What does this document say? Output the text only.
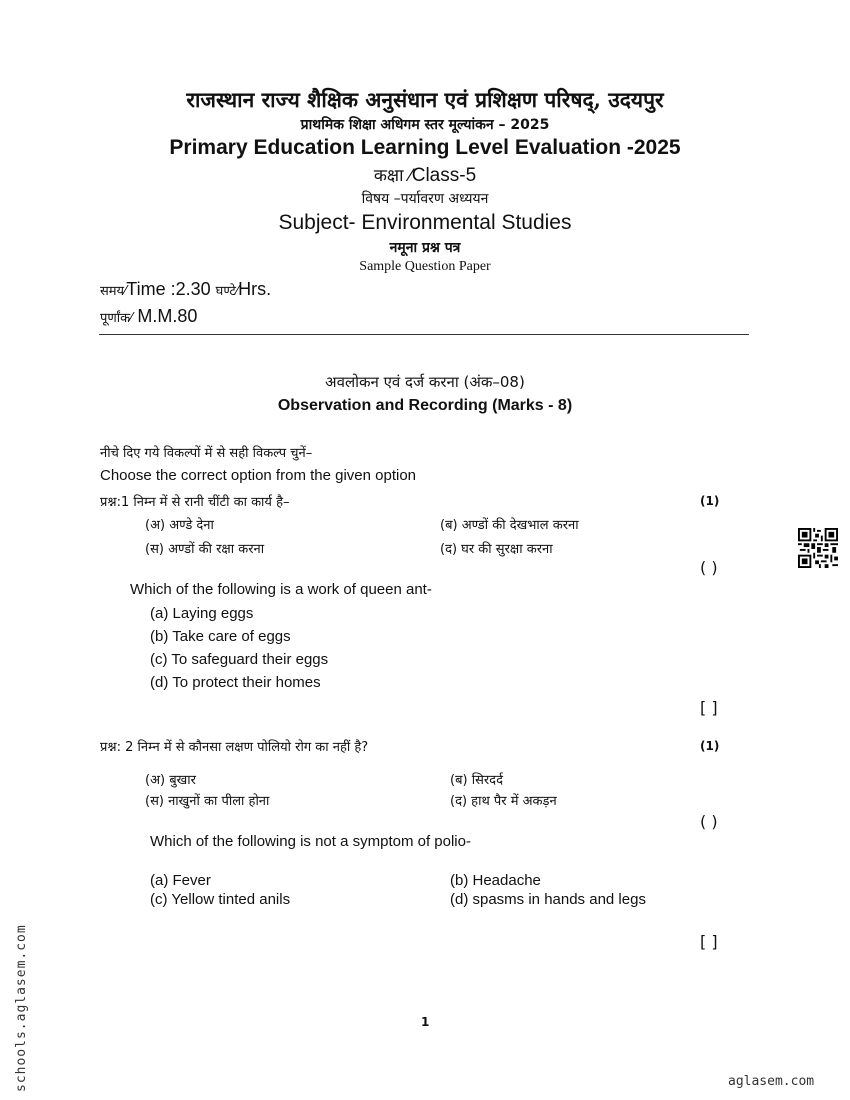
राजस्थान राज्य शैक्षिक अनुसंधान एवं प्रशिक्षण परिषद्, उदयपुर
प्राथमिक शिक्षा अधिगम स्तर मूल्यांकन – 2025
Primary Education Learning Level Evaluation -2025
कक्षा ⁄Class-5
विषय –पर्यावरण अध्ययन
Subject- Environmental Studies
नमूना प्रश्न पत्र
Sample Question Paper
समय⁄Time :2.30 घण्टे⁄Hrs.
पूर्णांक⁄ M.M.80
अवलोकन एवं दर्ज करना (अंक–08)
Observation and Recording (Marks - 8)
नीचे दिए गये विकल्पों में से सही विकल्प चुनें–
Choose the correct option from the given option
प्रश्न:1 निम्न में से रानी चींटी का कार्य है–	(1)
(अ) अण्डे देना	(ब) अण्डों की देखभाल करना
(स) अण्डों की रक्षा करना	(द) घर की सुरक्षा करना
( )
Which of the following is a work of queen ant-
(a) Laying eggs
(b) Take care of eggs
(c) To safeguard their eggs
(d) To protect their homes
[ ]
प्रश्न: 2 निम्न में से कौनसा लक्षण पोलियो रोग का नहीं है?	(1)
(अ) बुखार	(ब) सिरदर्द
(स) नाखुनों का पीला होना	(द) हाथ पैर में अकड़न
( )
Which of the following is not a symptom of polio-
(a) Fever	(b) Headache
(c) Yellow tinted anils	(d) spasms in hands and legs
[ ]
1
schools.aglasem.com	aglasem.com
